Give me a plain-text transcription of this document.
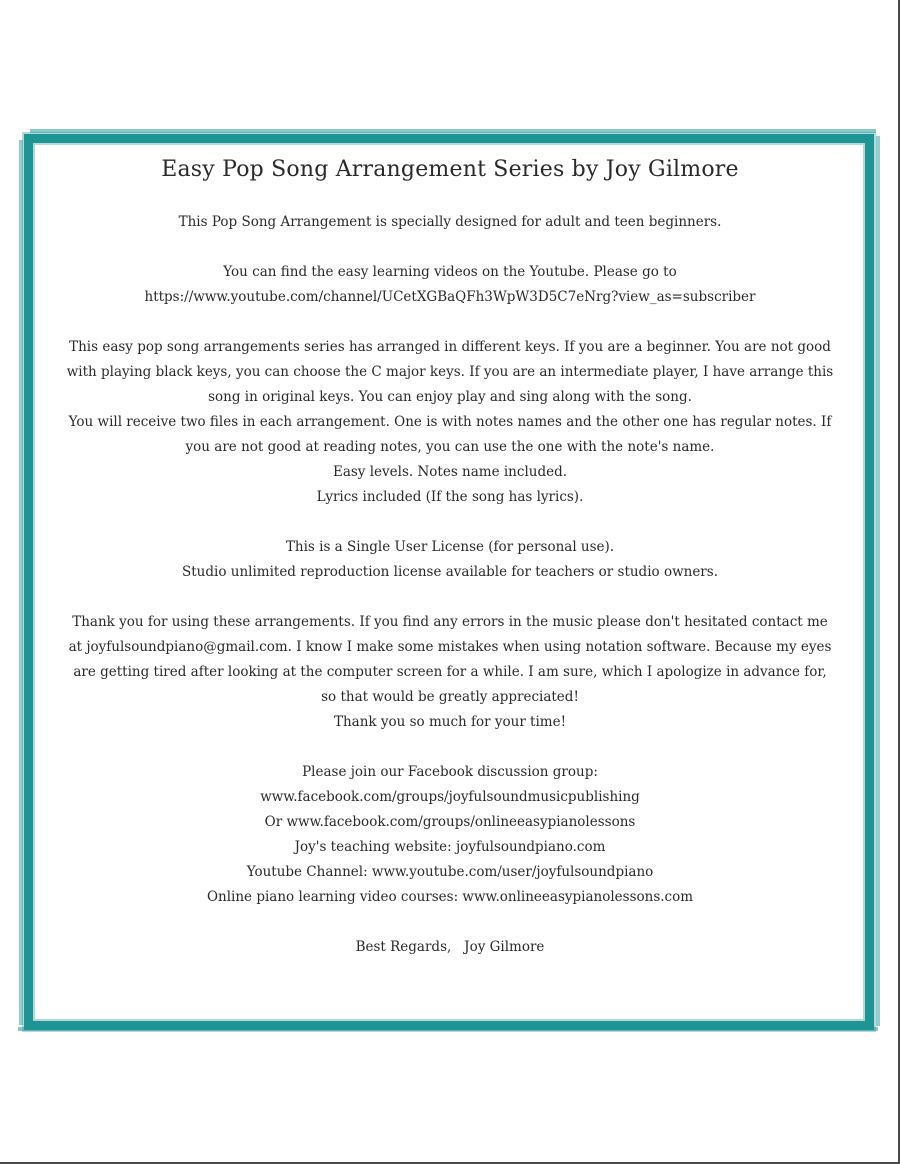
Easy Pop Song Arrangement Series by Joy Gilmore

This Pop Song Arrangement is specially designed for adult and teen beginners.

You can find the easy learning videos on the Youtube. Please go to

https://www.youtube.com/channel/UCetXGBaQFh3WpW3D5C7eNrg?view_as=subscriber

This easy pop song arrangements series has arranged in different keys. If you are a beginner. You are not good

with playing black keys, you can choose the C major keys. If you are an intermediate player, I have arrange this

song in original keys. You can enjoy play and sing along with the song.

You will receive two files in each arrangement. One is with notes names and the other one has regular notes. If

you are not good at reading notes, you can use the one with the note's name.

Easy levels. Notes name included.

Lyrics included (If the song has lyrics).

This is a Single User License (for personal use).

Studio unlimited reproduction license available for teachers or studio owners.

Thank you for using these arrangements. If you find any errors in the music please don't hesitated contact me

at joyfulsoundpiano@gmail.com. I know I make some mistakes when using notation software. Because my eyes

are getting tired after looking at the computer screen for a while. I am sure, which I apologize in advance for,

so that would be greatly appreciated!

Thank you so much for your time!

Please join our Facebook discussion group:

www.facebook.com/groups/joyfulsoundmusicpublishing

Or www.facebook.com/groups/onlineeasypianolessons

Joy's teaching website: joyfulsoundpiano.com

Youtube Channel: www.youtube.com/user/joyfulsoundpiano

Online piano learning video courses: www.onlineeasypianolessons.com

Best Regards,   Joy Gilmore
